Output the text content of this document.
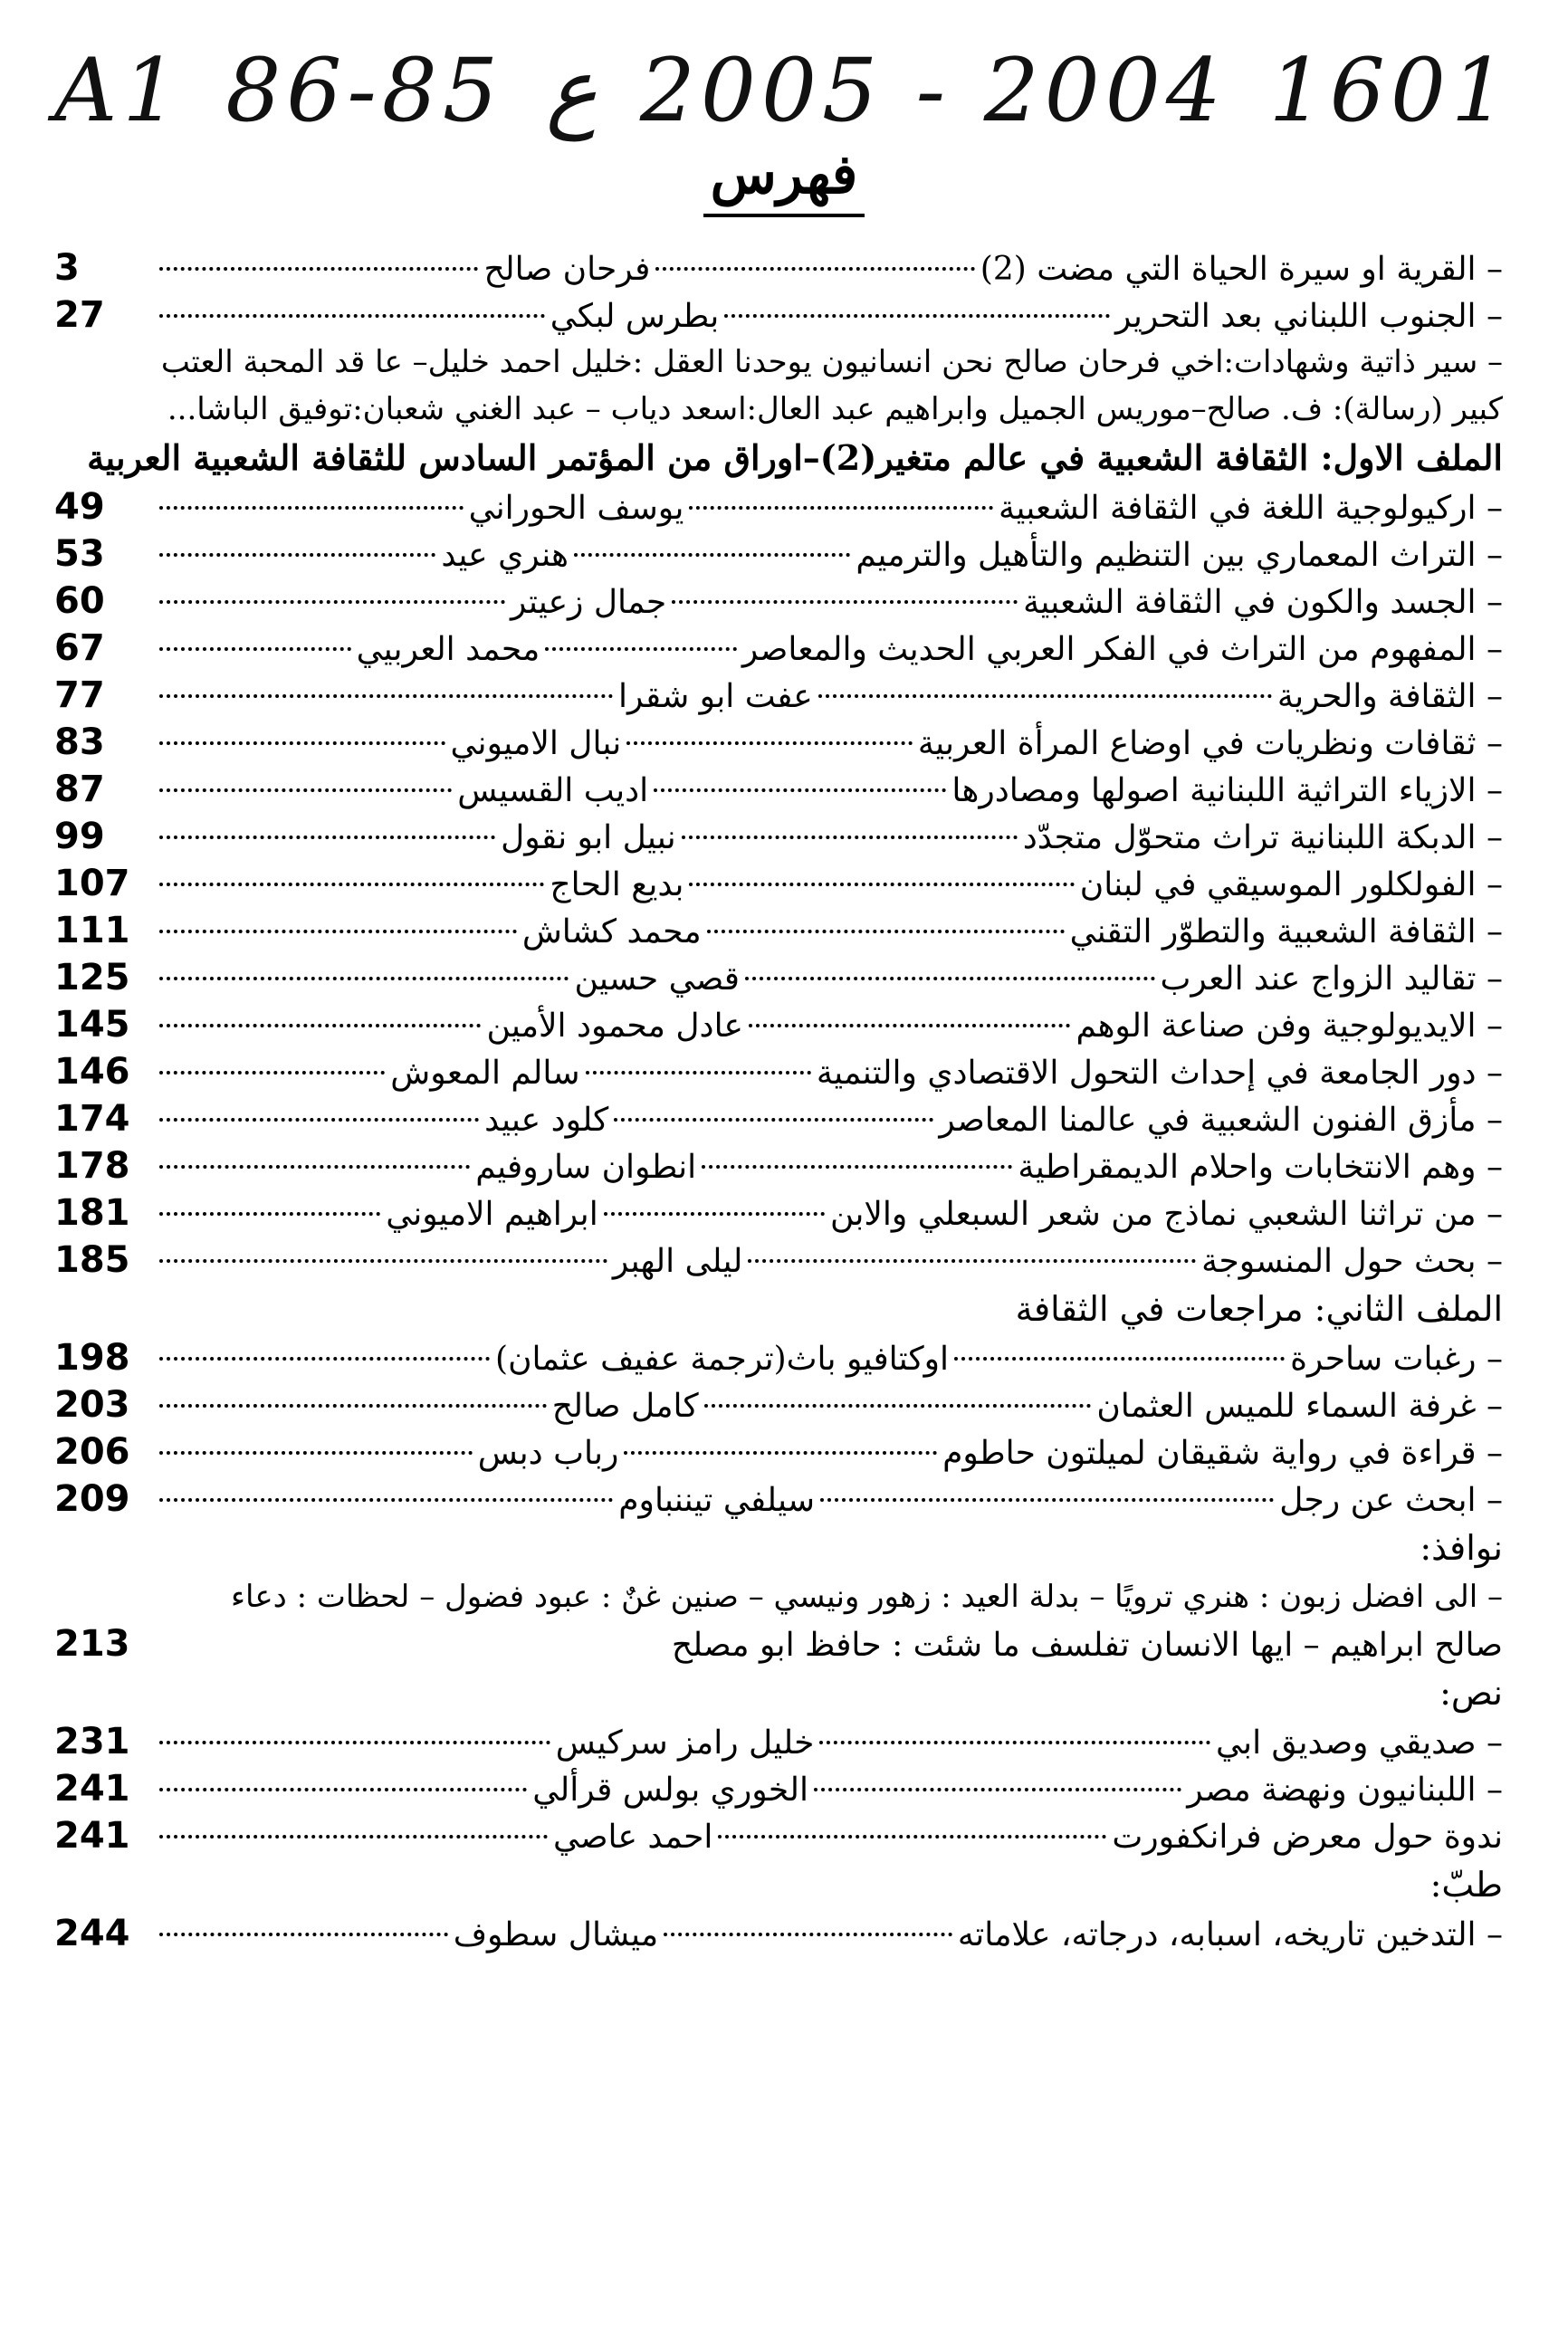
A1 86-85 ع 2005 - 2004 1601
فهرس
– القرية او سيرة الحياة التي مضت (2)
فرحان صالح
3
– الجنوب اللبناني بعد التحرير
بطرس لبكي
27
– سير ذاتية وشهادات:اخي فرحان صالح نحن انسانيون يوحدنا العقل :خليل احمد خليل– عا قد المحبة العتب
كبير (رسالة): ف. صالح–موريس الجميل وابراهيم عبد العال:اسعد دياب – عبد الغني شعبان:توفيق الباشا...
الملف الاول: الثقافة الشعبية في عالم متغير(2)–اوراق من المؤتمر السادس للثقافة الشعبية العربية
– اركيولوجية اللغة في الثقافة الشعبية
يوسف الحوراني
49
– التراث المعماري بين التنظيم والتأهيل والترميم
هنري عيد
53
– الجسد والكون في الثقافة الشعبية
جمال زعيتر
60
– المفهوم من التراث في الفكر العربي الحديث والمعاصر
محمد العربيي
67
– الثقافة والحرية
عفت ابو شقرا
77
– ثقافات ونظريات في اوضاع المرأة العربية
نبال الاميوني
83
– الازياء التراثية اللبنانية اصولها ومصادرها
اديب القسيس
87
– الدبكة اللبنانية تراث متحوّل متجدّد
نبيل ابو نقول
99
– الفولكلور الموسيقي في لبنان
بديع الحاج
107
– الثقافة الشعبية والتطوّر التقني
محمد كشاش
111
– تقاليد الزواج عند العرب
قصي حسين
125
– الايديولوجية وفن صناعة الوهم
عادل محمود الأمين
145
– دور الجامعة في إحداث التحول الاقتصادي والتنمية
سالم المعوش
146
– مأزق الفنون الشعبية في عالمنا المعاصر
كلود عبيد
174
– وهم الانتخابات واحلام الديمقراطية
انطوان ساروفيم
178
– من تراثنا الشعبي نماذج من شعر السبعلي والابن
ابراهيم الاميوني
181
– بحث حول المنسوجة
ليلى الهبر
185
الملف الثاني: مراجعات في الثقافة
– رغبات ساحرة
اوكتافيو باث(ترجمة عفيف عثمان)
198
– غرفة السماء للميس العثمان
كامل صالح
203
– قراءة في رواية شقيقان لميلتون حاطوم
رباب دبس
206
– ابحث عن رجل
سيلفي تيننباوم
209
نوافذ:
– الى افضل زبون : هنري ترويًا – بدلة العيد : زهور ونيسي – صنين غنٌ : عبود فضول – لحظات : دعاء
صالح ابراهيم – ايها الانسان تفلسف ما شئت : حافظ ابو مصلح
213
نص:
– صديقي وصديق ابي
خليل رامز سركيس
231
– اللبنانيون ونهضة مصر
الخوري بولس قرألي
241
ندوة حول معرض فرانكفورت
احمد عاصي
241
طبّ:
– التدخين تاريخه، اسبابه، درجاته، علاماته
ميشال سطوف
244
